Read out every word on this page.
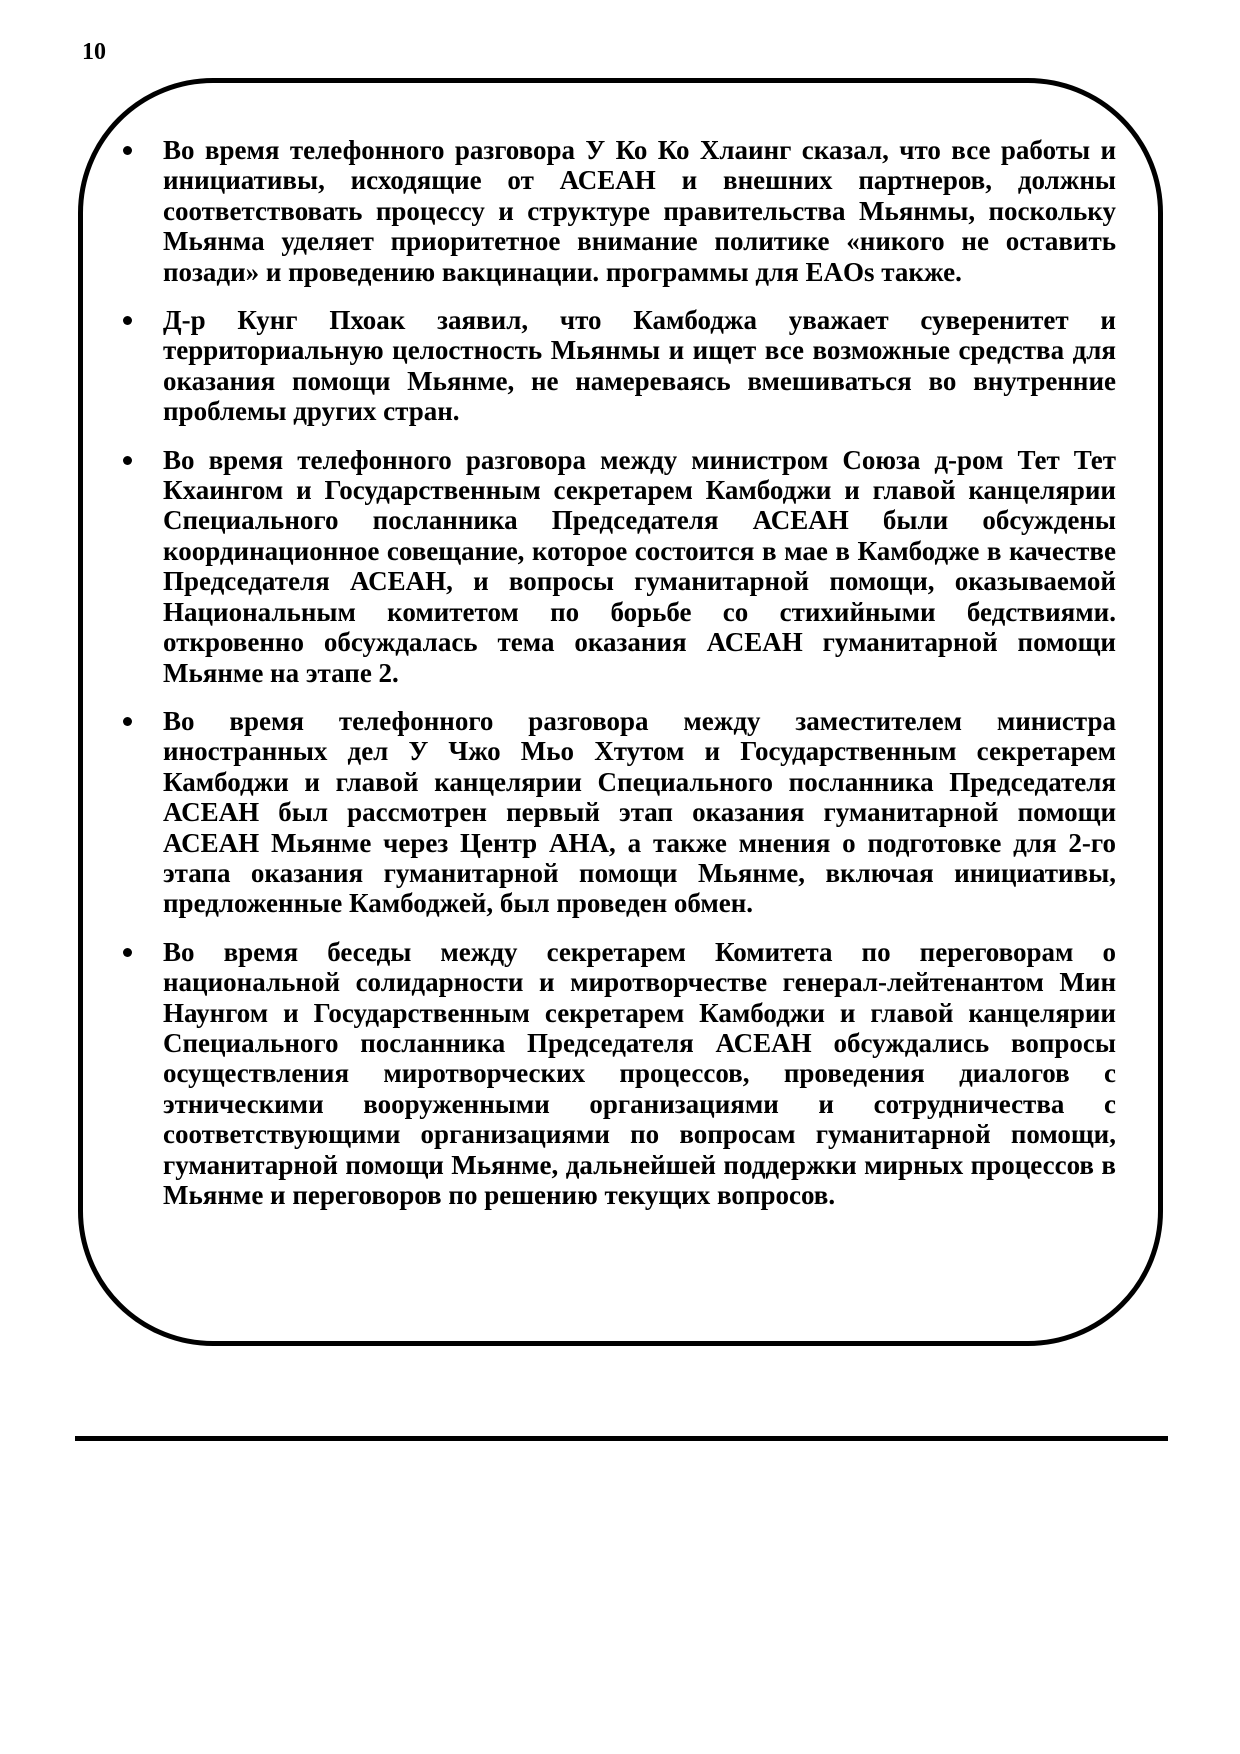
10
Во время телефонного разговора У Ко Ко Хлаинг сказал, что все работы и инициативы, исходящие от АСЕАН и внешних партнеров, должны соответствовать процессу и структуре правительства Мьянмы, поскольку Мьянма уделяет приоритетное внимание политике «никого не оставить позади» и проведению вакцинации. программы для EAOs также.
Д-р Кунг Пхоак заявил, что Камбоджа уважает суверенитет и территориальную целостность Мьянмы и ищет все возможные средства для оказания помощи Мьянме, не намереваясь вмешиваться во внутренние проблемы других стран.
Во время телефонного разговора между министром Союза д-ром Тет Тет Кхаингом и Государственным секретарем Камбоджи и главой канцелярии Специального посланника Председателя АСЕАН были обсуждены координационное совещание, которое состоится в мае в Камбодже в качестве Председателя АСЕАН, и вопросы гуманитарной помощи, оказываемой Национальным комитетом по борьбе со стихийными бедствиями. откровенно обсуждалась тема оказания АСЕАН гуманитарной помощи Мьянме на этапе 2.
Во время телефонного разговора между заместителем министра иностранных дел У Чжо Мьо Хтутом и Государственным секретарем Камбоджи и главой канцелярии Специального посланника Председателя АСЕАН был рассмотрен первый этап оказания гуманитарной помощи АСЕАН Мьянме через Центр АНА, а также мнения о подготовке для 2-го этапа оказания гуманитарной помощи Мьянме, включая инициативы, предложенные Камбоджей, был проведен обмен.
Во время беседы между секретарем Комитета по переговорам о национальной солидарности и миротворчестве генерал-лейтенантом Мин Наунгом и Государственным секретарем Камбоджи и главой канцелярии Специального посланника Председателя АСЕАН обсуждались вопросы осуществления миротворческих процессов, проведения диалогов с этническими вооруженными организациями и сотрудничества с соответствующими организациями по вопросам гуманитарной помощи, гуманитарной помощи Мьянме, дальнейшей поддержки мирных процессов в Мьянме и переговоров по решению текущих вопросов.
